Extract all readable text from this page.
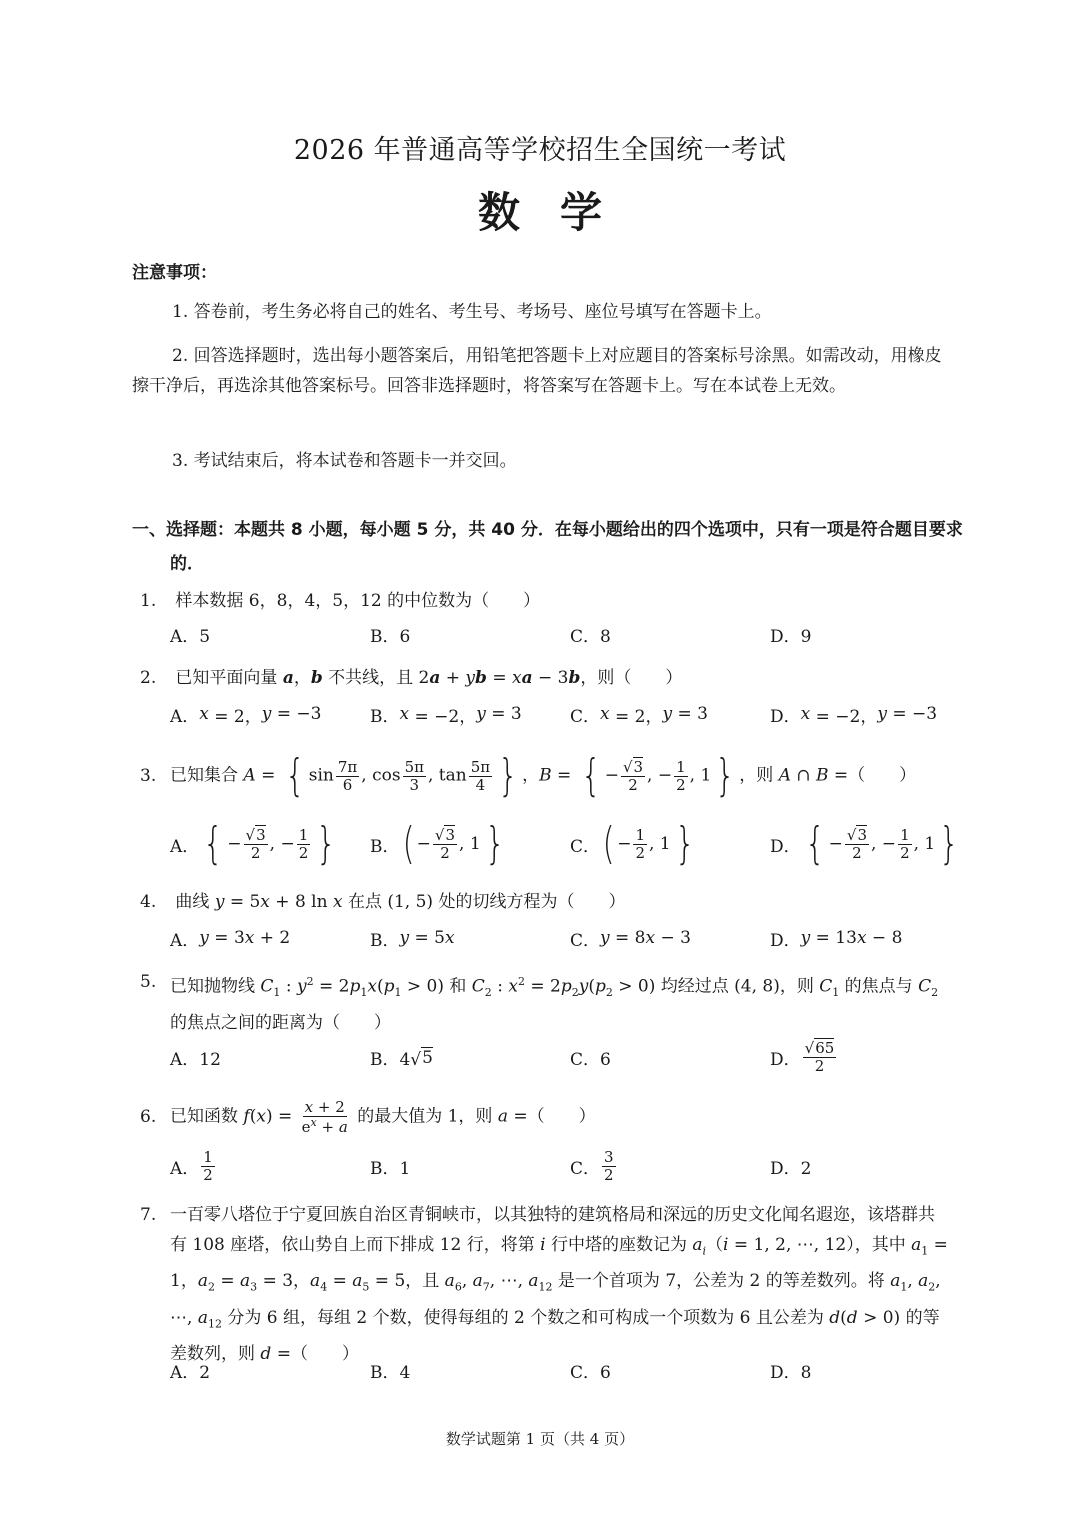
2026 年普通高等学校招生全国统一考试
数学
注意事项：
1. 答卷前，考生务必将自己的姓名、考生号、考场号、座位号填写在答题卡上。
2. 回答选择题时，选出每小题答案后，用铅笔把答题卡上对应题目的答案标号涂黑。如需改动，用橡皮擦干净后，再选涂其他答案标号。回答非选择题时，将答案写在答题卡上。写在本试卷上无效。
3. 考试结束后，将本试卷和答题卡一并交回。
一、选择题：本题共 8 小题，每小题 5 分，共 40 分．在每小题给出的四个选项中，只有一项是符合题目要求的．
1. 样本数据 6，8，4，5，12 的中位数为（　　）
A．5	B．6	C．8	D．9
2. 已知平面向量 a，b 不共线，且 2a + yb = xa − 3b，则（　　）
A． x = 2， y = −3	B． x = −2， y = 3	C． x = 2， y = 3	D． x = −2， y = −3
3. 已知集合 A = { $\sin \frac{7\pi}{6}$ , $\cos \frac{5\pi}{3}$ , $\tan \frac{5\pi}{4}$ } ，B = { − $\frac{√3}{2}$ , − $\frac{1}{2}$ , 1} ，则 A ∩ B =（　　）
A． { − $\frac{√3}{2}$ , − $\frac{1}{2}$ } B． ( − $\frac{√3}{2}$ , 1 }	C． ( − $\frac{1}{2}$ , 1 }	D． { − $\frac{√3}{2}$ , − $\frac{1}{2}$ , 1 }
4. 曲线 y = 5x + 8 ln x 在点 (1, 5) 处的切线方程为（　　）
A． y = 3 x + 2	B． y = 5 x	C． y = 8 x − 3	D． y = 13 x − 8
5. 已知抛物线 $C_1$ : $y^2 = 2p_1x(p_1 > 0)$ 和 $C_2$ : $x^2 = 2p_2y(p_2 > 0)$ 均经过点 (4, 8)，则 $C_1$ 的焦点与 $C_2$ 的焦点之间的距离为（　　）
A．12	B．4√ 5	C．6	D． $\frac{√65}{2}$
6. 已知函数 $f(x) = \frac{x + 2}{e^x + a}$ 的最大值为 1，则 a =（　　）
A． $\frac{1}{2}$	B．1	C． $\frac{3}{2}$	D．2
7. 一百零八塔位于宁夏回族自治区青铜峡市，以其独特的建筑格局和深远的历史文化闻名遐迩，该塔群共有 108 座塔，依山势自上而下排成 12 行，将第 i 行中塔的座数记为 $a_i(i = 1$, 2, ⋯, 12），其中 $a_1 = 1$，$a_2 = a_3 = 3$，$a_4 = a_5 = 5$，且 $a_6$, $a_7$, ⋯, $a_{12}$ 是一个首项为 7，公差为 2 的等差数列。将 $a_1$, $a_2$, ⋯, $a_{12}$ 分为 6 组，每组 2 个数，使得每组的 2 个数之和可构成一个项数为 6 且公差为 d(d > 0) 的等差数列，则 d =（　　）
A．2	B．4	C．6	D．8
数学试题第 1 页（共 4 页）
